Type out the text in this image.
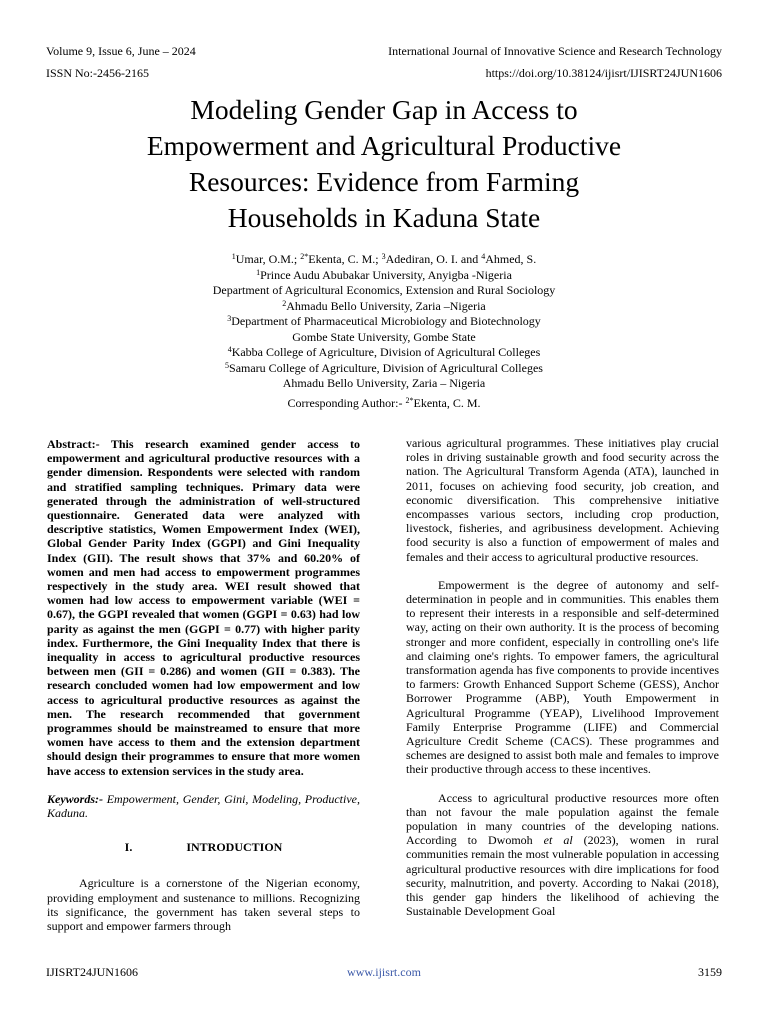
Volume 9, Issue 6, June – 2024	International Journal of Innovative Science and Research Technology
ISSN No:-2456-2165	https://doi.org/10.38124/ijisrt/IJISRT24JUN1606
Modeling Gender Gap in Access to
Empowerment and Agricultural Productive
Resources: Evidence from Farming
Households in Kaduna State
$^1$Umar, O.M.; $^{2*}$Ekenta, C. M.; $^3$Adediran, O. I. and $^4$Ahmed, S.
$^1$Prince Audu Abubakar University, Anyigba -Nigeria
Department of Agricultural Economics, Extension and Rural Sociology
$^2$Ahmadu Bello University, Zaria –Nigeria
$^3$Department of Pharmaceutical Microbiology and Biotechnology
Gombe State University, Gombe State
$^4$Kabba College of Agriculture, Division of Agricultural Colleges
$^5$Samaru College of Agriculture, Division of Agricultural Colleges
Ahmadu Bello University, Zaria – Nigeria
Corresponding Author:- $^{2*}$Ekenta, C. M.

Abstract:- This research examined gender access to empowerment and agricultural productive resources with a gender dimension. Respondents were selected with random and stratified sampling techniques. Primary data were generated through the administration of well-structured questionnaire. Generated data were analyzed with descriptive statistics, Women Empowerment Index (WEI), Global Gender Parity Index (GGPI) and Gini Inequality Index (GII). The result shows that 37% and 60.20% of women and men had access to empowerment programmes respectively in the study area. WEI result showed that women had low access to empowerment variable (WEI = 0.67), the GGPI revealed that women (GGPI = 0.63) had low parity as against the men (GGPI = 0.77) with higher parity index. Furthermore, the Gini Inequality Index that there is inequality in access to agricultural productive resources between men (GII = 0.286) and women (GII = 0.383). The research concluded women had low empowerment and low access to agricultural productive resources as against the men. The research recommended that government programmes should be mainstreamed to ensure that more women have access to them and the extension department should design their programmes to ensure that more women have access to extension services in the study area.

Keywords:- Empowerment, Gender, Gini, Modeling, Productive, Kaduna.

I.	INTRODUCTION

Agriculture is a cornerstone of the Nigerian economy, providing employment and sustenance to millions. Recognizing its significance, the government has taken several steps to support and empower farmers through

various agricultural programmes. These initiatives play crucial roles in driving sustainable growth and food security across the nation. The Agricultural Transform Agenda (ATA), launched in 2011, focuses on achieving food security, job creation, and economic diversification. This comprehensive initiative encompasses various sectors, including crop production, livestock, fisheries, and agribusiness development. Achieving food security is also a function of empowerment of males and females and their access to agricultural productive resources.

Empowerment is the degree of autonomy and self-determination in people and in communities. This enables them to represent their interests in a responsible and self-determined way, acting on their own authority. It is the process of becoming stronger and more confident, especially in controlling one's life and claiming one's rights. To empower famers, the agricultural transformation agenda has five components to provide incentives to farmers: Growth Enhanced Support Scheme (GESS), Anchor Borrower Programme (ABP), Youth Empowerment in Agricultural Programme (YEAP), Livelihood Improvement Family Enterprise Programme (LIFE) and Commercial Agriculture Credit Scheme (CACS). These programmes and schemes are designed to assist both male and females to improve their productive through access to these incentives.

Access to agricultural productive resources more often than not favour the male population against the female population in many countries of the developing nations. According to Dwomoh et al (2023), women in rural communities remain the most vulnerable population in accessing agricultural productive resources with dire implications for food security, malnutrition, and poverty. According to Nakai (2018), this gender gap hinders the likelihood of achieving the Sustainable Development Goal

IJISRT24JUN1606	www.ijisrt.com	3159
